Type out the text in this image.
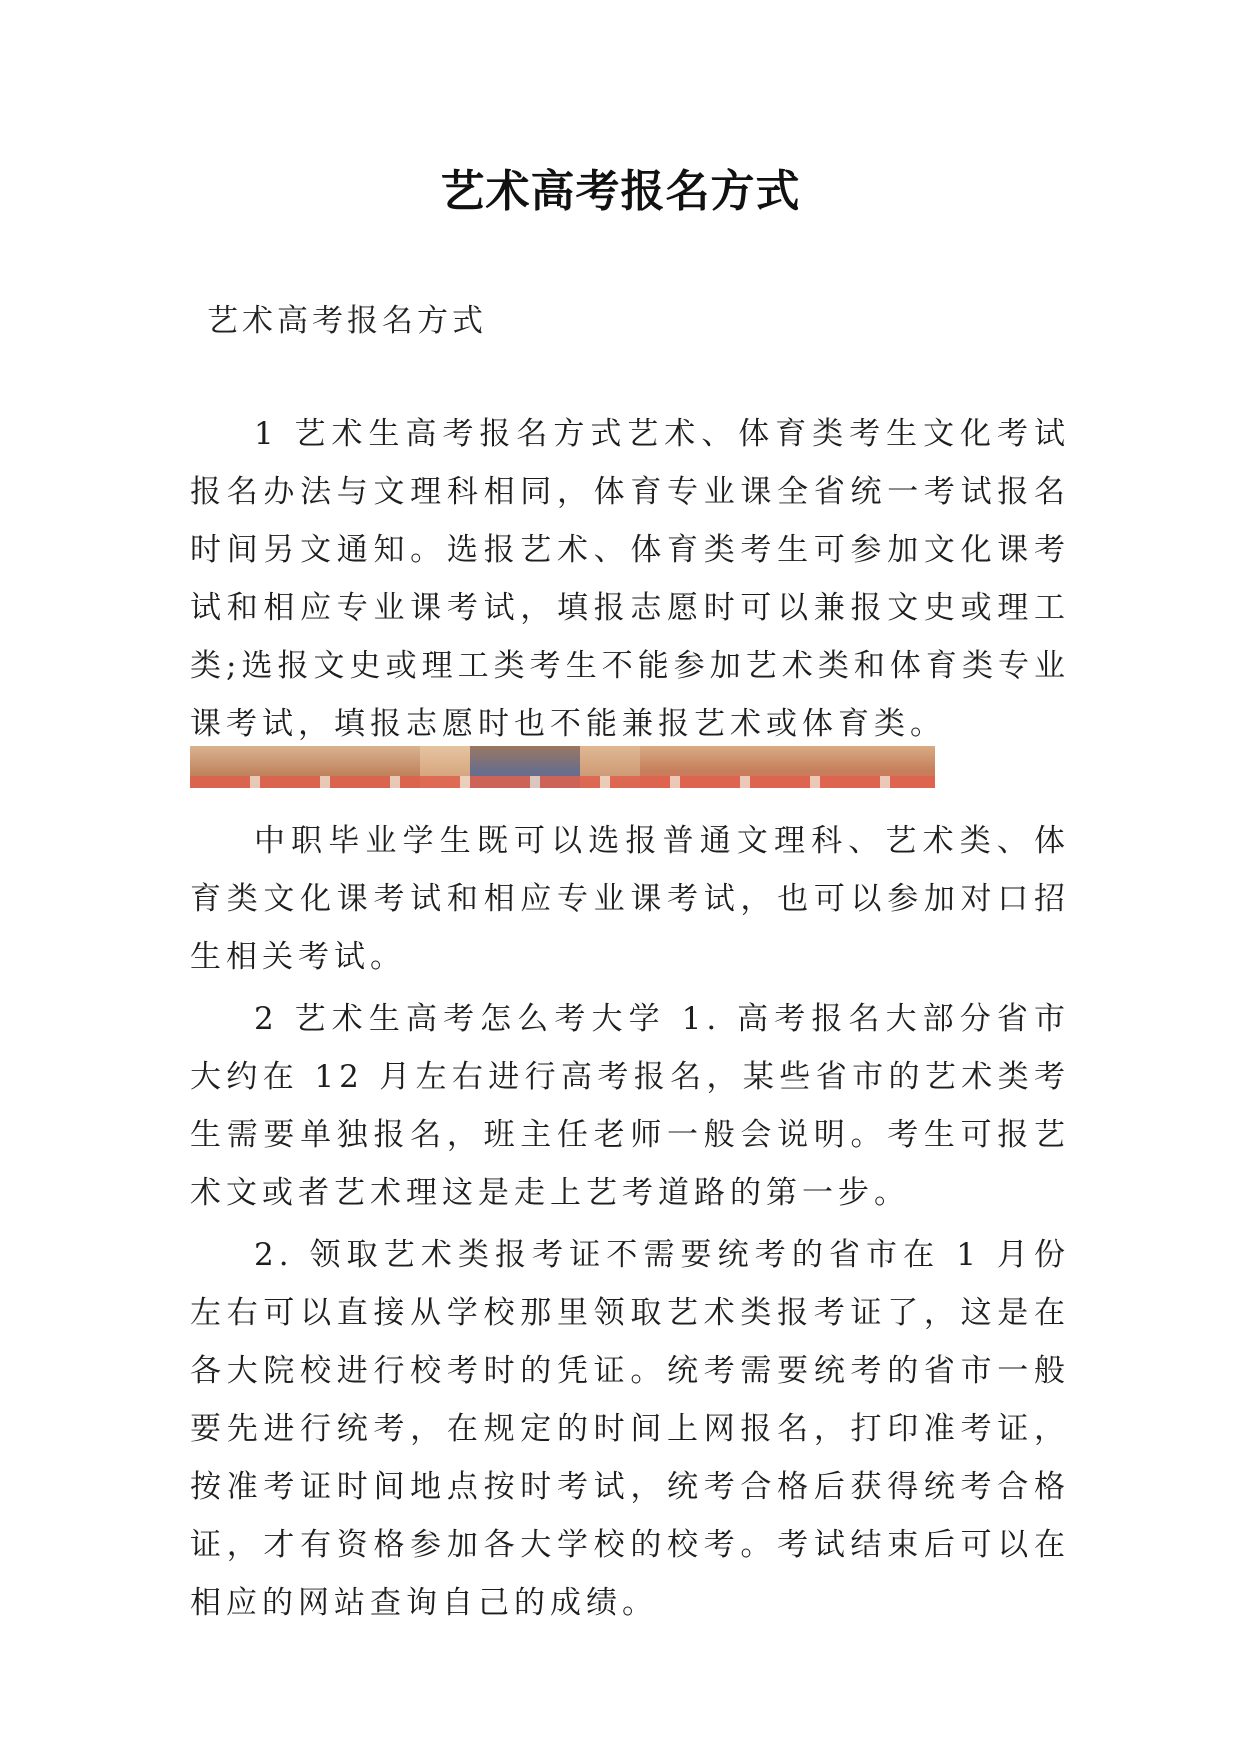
艺术高考报名方式
艺术高考报名方式

1 艺术生高考报名方式艺术、体育类考生文化考试报名办法与文理科相同，体育专业课全省统一考试报名时间另文通知。选报艺术、体育类考生可参加文化课考试和相应专业课考试，填报志愿时可以兼报文史或理工类;选报文史或理工类考生不能参加艺术类和体育类专业课考试，填报志愿时也不能兼报艺术或体育类。

中职毕业学生既可以选报普通文理科、艺术类、体育类文化课考试和相应专业课考试，也可以参加对口招生相关考试。

2 艺术生高考怎么考大学 1. 高考报名大部分省市大约在 12 月左右进行高考报名，某些省市的艺术类考生需要单独报名，班主任老师一般会说明。考生可报艺术文或者艺术理这是走上艺考道路的第一步。

2. 领取艺术类报考证不需要统考的省市在 1 月份左右可以直接从学校那里领取艺术类报考证了，这是在各大院校进行校考时的凭证。统考需要统考的省市一般要先进行统考，在规定的时间上网报名，打印准考证，按准考证时间地点按时考试，统考合格后获得统考合格证，才有资格参加各大学校的校考。考试结束后可以在相应的网站查询自己的成绩。
